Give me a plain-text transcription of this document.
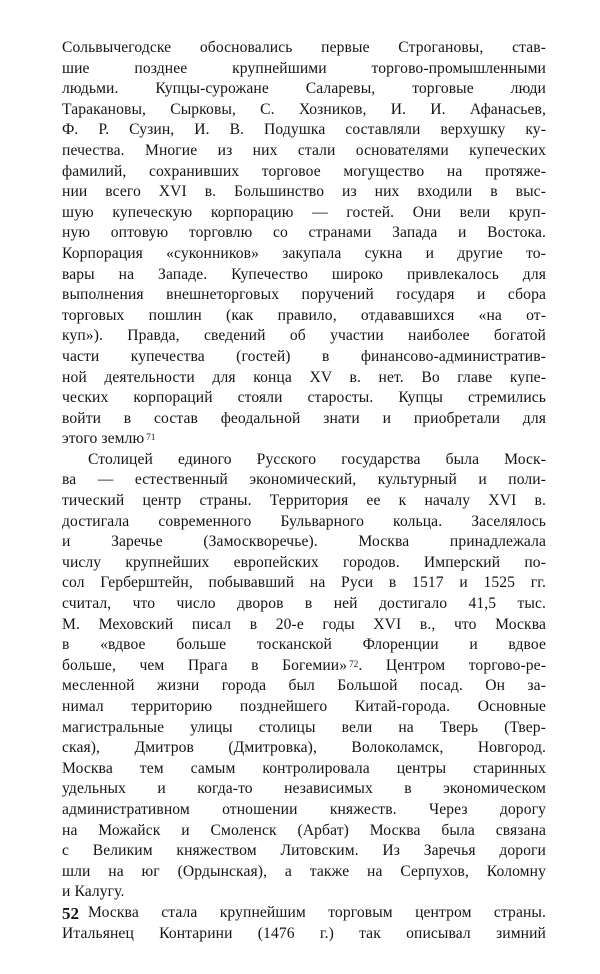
Сольвычегодске обосновались первые Строгановы, став-
шие позднее крупнейшими торгово-промышленными
людьми. Купцы-сурожане Саларевы, торговые люди
Таракановы, Сырковы, С. Хозников, И. И. Афанасьев,
Ф. Р. Сузин, И. В. Подушка составляли верхушку ку-
печества. Многие из них стали основателями купеческих
фамилий, сохранивших торговое могущество на протяже-
нии всего XVI в. Большинство из них входили в выс-
шую купеческую корпорацию — гостей. Они вели круп-
ную оптовую торговлю со странами Запада и Востока.
Корпорация «суконников» закупала сукна и другие то-
вары на Западе. Купечество широко привлекалось для
выполнения внешнеторговых поручений государя и сбора
торговых пошлин (как правило, отдававшихся «на от-
куп»). Правда, сведений об участии наиболее богатой
части купечества (гостей) в финансово-административ-
ной деятельности для конца XV в. нет. Во главе купе-
ческих корпораций стояли старосты. Купцы стремились
войти в состав феодальной знати и приобретали для
этого землю $^{71}$
Столицей единого Русского государства была Моск-
ва — естественный экономический, культурный и поли-
тический центр страны. Территория ее к началу XVI в.
достигала современного Бульварного кольца. Заселялось
и Заречье (Замоскворечье). Москва принадлежала
числу крупнейших европейских городов. Имперский по-
сол Герберштейн, побывавший на Руси в 1517 и 1525 гг.
считал, что число дворов в ней достигало 41,5 тыс.
М. Меховский писал в 20-е годы XVI в., что Москва
в «вдвое больше тосканской Флоренции и вдвое
больше, чем Прага в Богемии» $^{72}$. Центром торгово-ре-
месленной жизни города был Большой посад. Он за-
нимал территорию позднейшего Китай-города. Основные
магистральные улицы столицы вели на Тверь (Твер-
ская), Дмитров (Дмитровка), Волоколамск, Новгород.
Москва тем самым контролировала центры старинных
удельных и когда-то независимых в экономическом
административном отношении княжеств. Через дорогу
на Можайск и Смоленск (Арбат) Москва была связана
с Великим княжеством Литовским. Из Заречья дороги
шли на юг (Ордынская), а также на Серпухов, Коломну
и Калугу.
Москва стала крупнейшим торговым центром страны.
Итальянец Контарини (1476 г.) так описывал зимний
52
